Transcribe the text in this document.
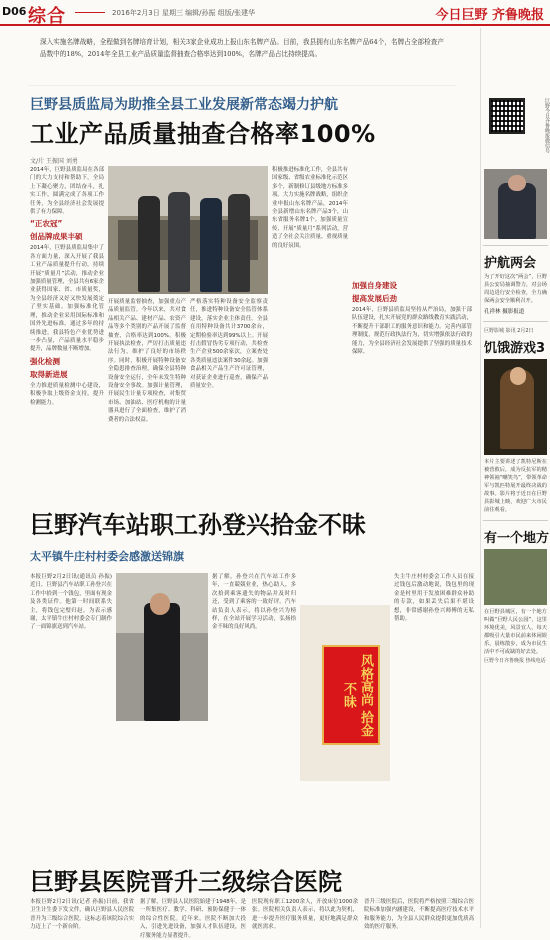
D06 综合	2016年2月3日 星期三 编辑/孙振 组版/张建华	今日巨野 齐鲁晚报
深入实施名牌战略，全程做到名牌培育计划，相关3家企业成功上报山东名牌产品。目前，我县拥有山东名牌产品64个，名牌占全部检查产品数中的18%，2014年全县工业产品质量监督抽查合格率达到100%，名牌产品占比持续提高。
巨野县质监局为助推全县工业发展新常态竭力护航
工业产品质量抽查合格率100%
文/片 王振国 刘勇
2014年，巨野县质监局在各部门的大力支持和帮助下，全局上下凝心聚力，团结奋斗，扎实工作，圆满完成了各项工作任务，为全县经济社会发展提供了有力保障。
“正农冠”
创品牌成果丰硕
2014年，巨野县质监局集中了各方面力量，深入开展了我县工业产品质量提升行动，持续开展“质量月”活动，推动企业加强质量管理，全县共有6家企业获得国家、省、市质量奖，为全县经济又好又快发展奠定了坚实基础。加强标准化管理，推动企业采用国际标准和国外先进标准。通过多年的持续推进，我县特色产业优势进一步凸显，产品质量水平稳步提升，品牌数量不断增加。
强化检测
取得新进展
全力推进质量检测中心建设，积极争取上级资金支持，提升检测能力。
开展质量监督抽查，加强重点产品质量监管。今年以来，共对食品相关产品、建材产品、农资产品等多个类别的产品开展了监督抽查，合格率达到100%。积极开展执法检查，严厉打击质量违法行为，维护了良好的市场秩序。同时，积极开展特种设备安全隐患排查治理，确保全县特种设备安全运行，全年未发生特种设备安全事故。加强计量管理，开展民生计量专项检查，对集贸市场、加油站、医疗机构的计量器具进行了全面检查，维护了消费者的合法权益。
严格落实特种设备安全监察责任，推进特种设备安全监管体系建设，落实企业主体责任。全县在用特种设备共计3700余台，定期检验率达到99%以上。开展打击假冒伪劣专项行动，共检查生产企业500余家次，立案查处各类质量违法案件30余起。加强食品相关产品生产许可证管理，对获证企业进行巡查，确保产品质量安全。
积极推进标准化工作，全县共有国家级、省级农业标准化示范区多个，新制修订县级地方标准多项。大力实施名牌战略，组织企业申报山东名牌产品，2014年全县新增山东名牌产品3个，山东省服务名牌1个。加强质量宣传，开展“质量月”系列活动，营造了全社会关注质量、重视质量的良好氛围。
加强自身建设
提高发展后劲
2014年，巨野县质监局坚持从严治局，加强干部队伍建设，扎实开展党的群众路线教育实践活动，不断提升干部职工的服务意识和能力。完善内部管理制度，规范行政执法行为，切实增强依法行政的能力，为全县经济社会发展提供了坚强的质量技术保障。
巨野汽车站职工孙登兴拾金不昧
太平镇牛庄村村委会感激送锦旗
本报巨野2月2日讯(通讯员 孙振)近日，巨野县汽车站职工孙登兴在工作中拾到一个钱包，里面有现金及各类证件。他第一时间联系失主，将钱包完璧归赵。为表示感谢，太平镇牛庄村村委会专门制作了一面锦旗送到汽车站。
据了解，孙登兴在汽车站工作多年，一直兢兢业业，热心助人，多次拾到乘客遗失的物品并及时归还，受到了乘客的一致好评。汽车站负责人表示，将以孙登兴为榜样，在全站开展学习活动，弘扬拾金不昧的良好风尚。
风格高尚 拾金不昧
失主牛庄村村委会工作人员在接过钱包后激动地说，钱包里的现金是村里用于发放困难群众补助的专款，如果丢失后果不堪设想，非常感谢孙登兴师傅的无私帮助。
巨野县医院晋升三级综合医院
本报巨野2月2日讯(记者 孙振)日前，我省卫生计生委下发文件，确认巨野县人民医院晋升为三级综合医院。这标志着该院综合实力迈上了一个新台阶。
据了解，巨野县人民医院始建于1948年，是一所集医疗、教学、科研、预防保健于一体的综合性医院。近年来，医院不断加大投入，引进先进设备，加强人才队伍建设，医疗服务能力显著提升。
医院现有职工1200余人，开放床位1000余张。医院相关负责人表示，将以此为契机，进一步提升医疗服务质量，更好地满足群众就医需求。
晋升三级医院后，医院将严格按照三级综合医院标准加强内涵建设，不断提高医疗技术水平和服务能力，为全县人民群众提供更加优质高效的医疗服务。
巨野今日齐鲁晚报微信号
护航两会
为了开好这次“两会”，巨野县公安局抽调警力，对会场周边进行安全检查，全力确保两会安全顺利召开。
孔祥林 摄影报道
巨野影城 影讯 2月2日
饥饿游戏3
本片主要讲述了凯特尼斯在被营救后，成为反抗军的精神领袖“嘲笑鸟”，带领革命军与凯匹特展开最终决战的故事。影片将于近日在巨野县影城上映，欢迎广大市民前往观看。
有一个地方
在巨野县城区，有一个地方叫做“巨野人民公园”，这里环境优美，风景宜人，每天都吸引大量市民前来休闲娱乐，晨练散步，成为市民生活中不可或缺的好去处。
巨野今日齐鲁晚报 热线电话
